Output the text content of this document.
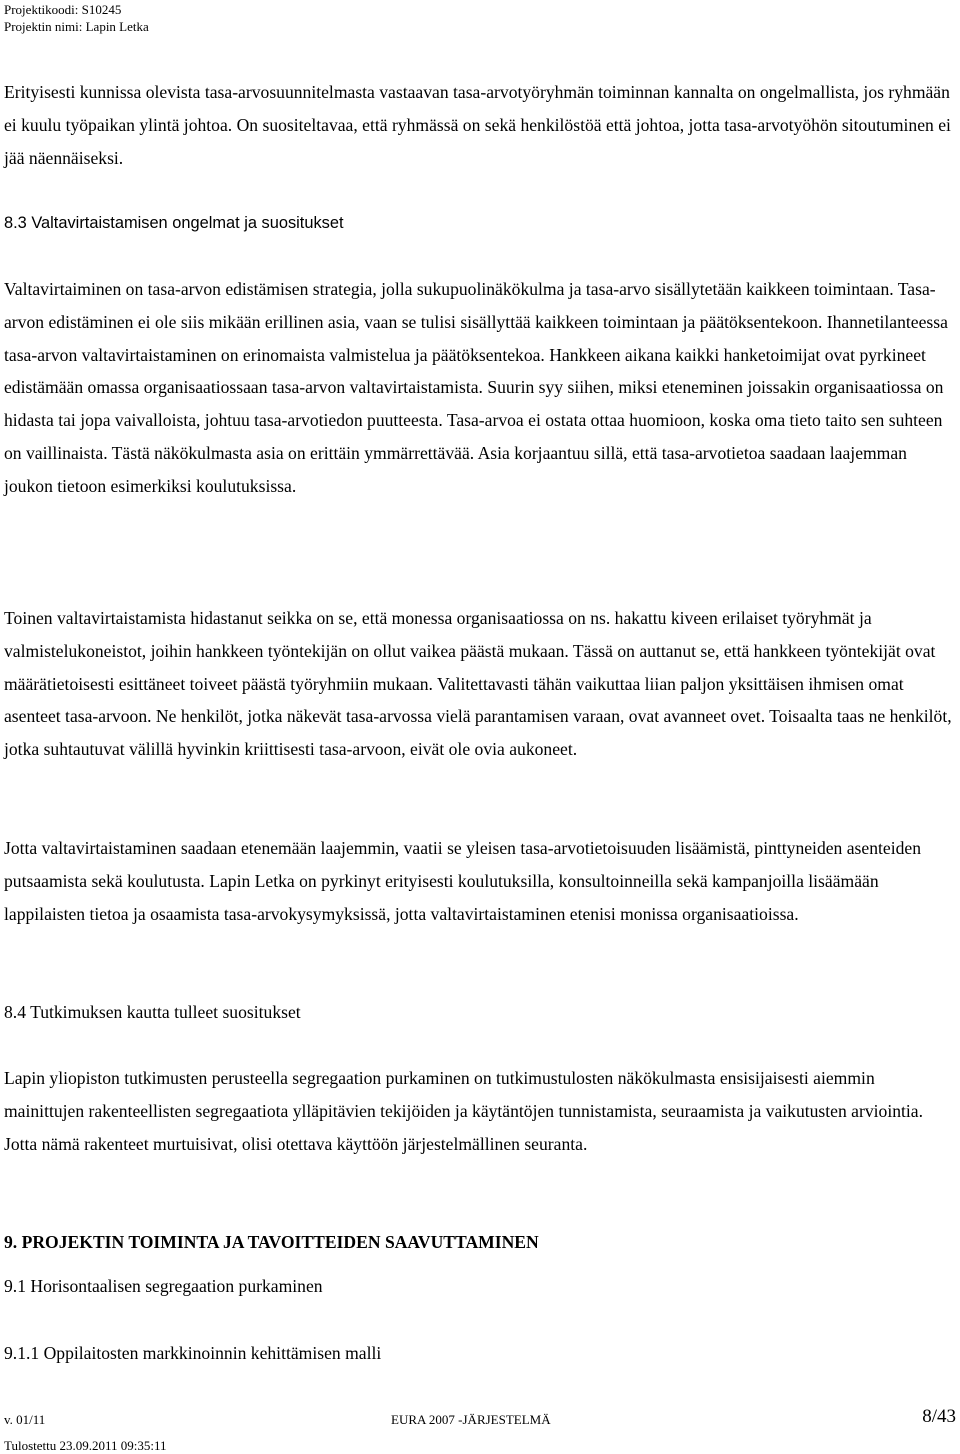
Projektikoodi: S10245
Projektin nimi: Lapin Letka

Erityisesti kunnissa olevista tasa-arvosuunnitelmasta vastaavan tasa-arvotyöryhmän toiminnan kannalta on ongelmallista, jos ryhmään ei kuulu työpaikan ylintä johtoa. On suositeltavaa, että ryhmässä on sekä henkilöstöä että johtoa, jotta tasa-arvotyöhön sitoutuminen ei jää näennäiseksi.

8.3 Valtavirtaistamisen ongelmat ja suositukset

Valtavirtaiminen on tasa-arvon edistämisen strategia, jolla sukupuolinäkökulma ja tasa-arvo sisällytetään kaikkeen toimintaan. Tasa-arvon edistäminen ei ole siis mikään erillinen asia, vaan se tulisi sisällyttää kaikkeen toimintaan ja päätöksentekoon. Ihannetilanteessa tasa-arvon valtavirtaistaminen on erinomaista valmistelua ja päätöksentekoa. Hankkeen aikana kaikki hanketoimijat ovat pyrkineet edistämään omassa organisaatiossaan tasa-arvon valtavirtaistamista. Suurin syy siihen, miksi eteneminen joissakin organisaatiossa on hidasta tai jopa vaivalloista, johtuu tasa-arvotiedon puutteesta. Tasa-arvoa ei ostata ottaa huomioon, koska oma tieto taito sen suhteen on vaillinaista. Tästä näkökulmasta asia on erittäin ymmärrettävää. Asia korjaantuu sillä, että tasa-arvotietoa saadaan laajemman joukon tietoon esimerkiksi koulutuksissa.

Toinen valtavirtaistamista hidastanut seikka on se, että monessa organisaatiossa on ns. hakattu kiveen erilaiset työryhmät ja valmistelukoneistot, joihin hankkeen työntekijän on ollut vaikea päästä mukaan. Tässä on auttanut se, että hankkeen työntekijät ovat määrätietoisesti esittäneet toiveet päästä työryhmiin mukaan. Valitettavasti tähän vaikuttaa liian paljon yksittäisen ihmisen omat asenteet tasa-arvoon. Ne henkilöt, jotka näkevät tasa-arvossa vielä parantamisen varaan, ovat avanneet ovet. Toisaalta taas ne henkilöt, jotka suhtautuvat välillä hyvinkin kriittisesti tasa-arvoon, eivät ole ovia aukoneet.

Jotta valtavirtaistaminen saadaan etenemään laajemmin, vaatii se yleisen tasa-arvotietoisuuden lisäämistä, pinttyneiden asenteiden putsaamista sekä koulutusta. Lapin Letka on pyrkinyt erityisesti koulutuksilla, konsultoinneilla sekä kampanjoilla lisäämään lappilaisten tietoa ja osaamista tasa-arvokysymyksissä, jotta valtavirtaistaminen etenisi monissa organisaatioissa.

8.4 Tutkimuksen kautta tulleet suositukset

Lapin yliopiston tutkimusten perusteella segregaation purkaminen on tutkimustulosten näkökulmasta ensisijaisesti aiemmin mainittujen rakenteellisten segregaatiota ylläpitävien tekijöiden ja käytäntöjen tunnistamista, seuraamista ja vaikutusten arviointia. Jotta nämä rakenteet murtuisivat, olisi otettava käyttöön järjestelmällinen seuranta.

9. PROJEKTIN TOIMINTA JA TAVOITTEIDEN SAAVUTTAMINEN

9.1 Horisontaalisen segregaation purkaminen

9.1.1 Oppilaitosten markkinoinnin kehittämisen malli

v. 01/11
Tulostettu 23.09.2011 09:35:11
EURA 2007 -JÄRJESTELMÄ	8/43
